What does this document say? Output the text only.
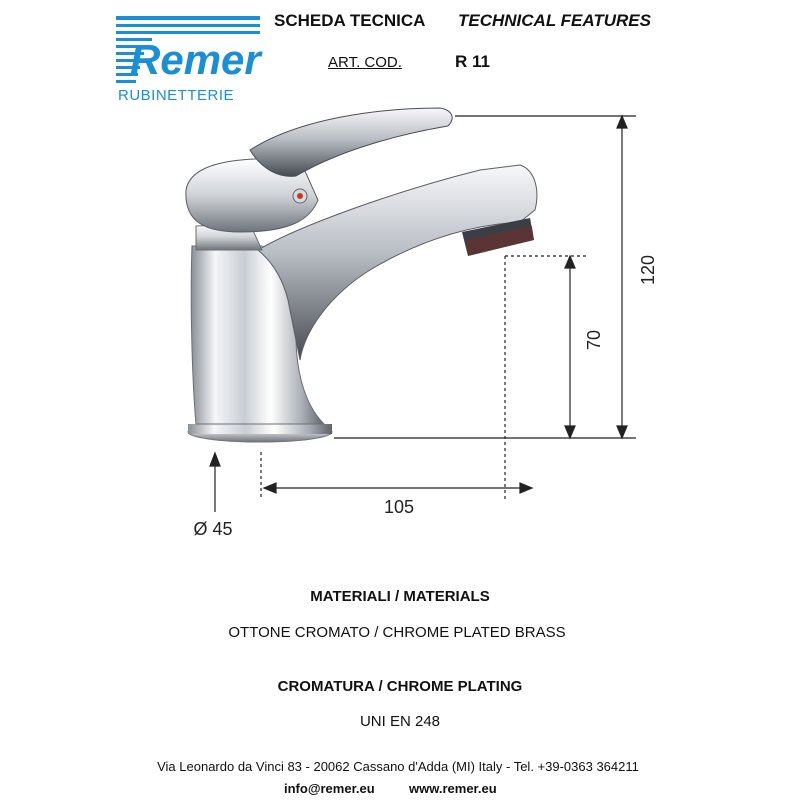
Remer
RUBINETTERIE
SCHEDA TECNICA TECHNICAL FEATURES
ART. COD.	R 11
120
70
105
Ø 45
MATERIALI / MATERIALS
OTTONE CROMATO / CHROME PLATED BRASS
CROMATURA / CHROME PLATING
UNI EN 248
Via Leonardo da Vinci 83 - 20062 Cassano d'Adda (MI) Italy - Tel. +39-0363 364211
info@remer.eu	www.remer.eu
